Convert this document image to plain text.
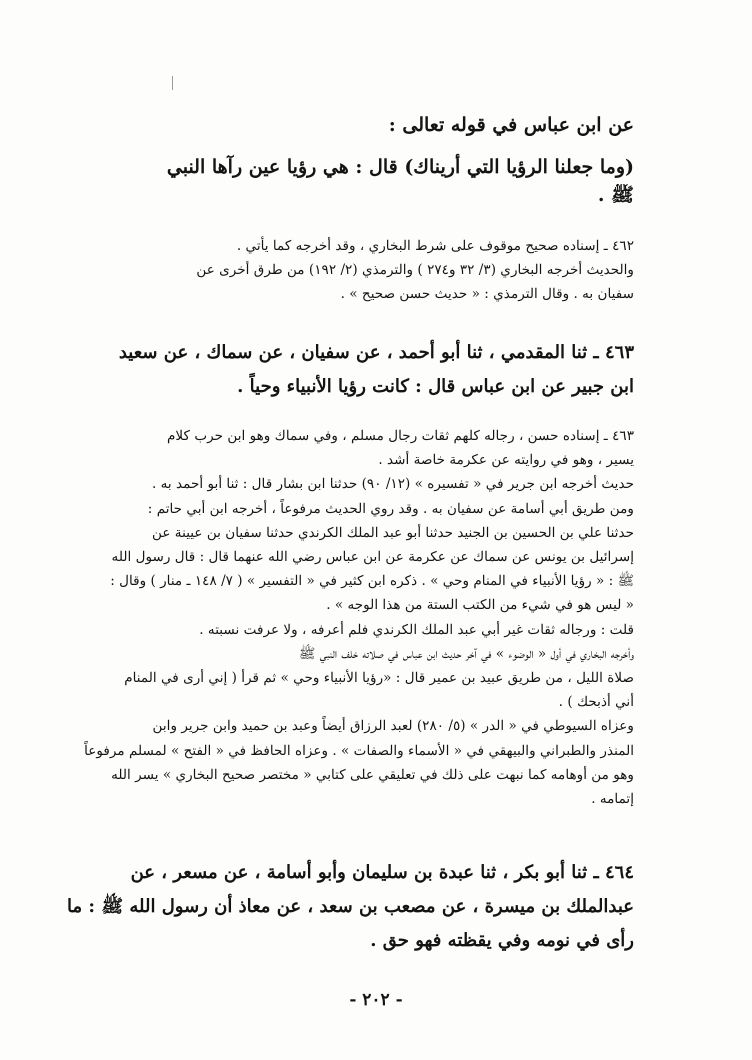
عن ابن عباس في قوله تعالى :
(وما جعلنا الرؤيا التي أريناك) قال : هي رؤيا عين رآها النبي
ﷺ .
٤٦٢ ـ إسناده صحيح موقوف على شرط البخاري ، وقد أخرجه كما يأتي .
والحديث أخرجه البخاري (٣/ ٣٢ و٢٧٤ ) والترمذي (٢/ ١٩٢) من طرق أخرى عن
سفيان به . وقال الترمذي : « حديث حسن صحيح » .
٤٦٣ ـ ثنا المقدمي ، ثنا أبو أحمد ، عن سفيان ، عن سماك ، عن سعيد
ابن جبير عن ابن عباس قال : كانت رؤيا الأنبياء وحياً .
٤٦٣ ـ إسناده حسن ، رجاله كلهم ثقات رجال مسلم ، وفي سماك وهو ابن حرب كلام
يسير ، وهو في روايته عن عكرمة خاصة أشد .
حديث أخرجه ابن جرير في « تفسيره » (١٢/ ٩٠) حدثنا ابن بشار قال : ثنا أبو أحمد به .
ومن طريق أبي أسامة عن سفيان به . وقد روي الحديث مرفوعاً ، أخرجه ابن أبي حاتم :
حدثنا علي بن الحسين بن الجنيد حدثنا أبو عبد الملك الكرندي حدثنا سفيان بن عيينة عن
إسرائيل بن يونس عن سماك عن عكرمة عن ابن عباس رضي الله عنهما قال : قال رسول الله
ﷺ : « رؤيا الأنبياء في المنام وحي » . ذكره ابن كثير في « التفسير » ( ٧/ ١٤٨ ـ منار ) وقال :
« ليس هو في شيء من الكتب الستة من هذا الوجه » .
قلت : ورجاله ثقات غير أبي عبد الملك الكرندي فلم أعرفه ، ولا عرفت نسبته .
وأخرجه البخاري في أول « الوضوء » في آخر حديث ابن عباس في صلاته خلف النبي ﷺ
صلاة الليل ، من طريق عبيد بن عمير قال : «رؤيا الأنبياء وحي » ثم قرأ ( إني أرى في المنام
أني أذبحك ) .
وعزاه السيوطي في « الدر » (٥/ ٢٨٠) لعبد الرزاق أيضاً وعبد بن حميد وابن جرير وابن
المنذر والطبراني والبيهقي في « الأسماء والصفات » . وعزاه الحافظ في « الفتح » لمسلم مرفوعاً
وهو من أوهامه كما نبهت على ذلك في تعليقي على كتابي « مختصر صحيح البخاري » يسر الله
إتمامه .
٤٦٤ ـ ثنا أبو بكر ، ثنا عبدة بن سليمان وأبو أسامة ، عن مسعر ، عن
عبدالملك بن ميسرة ، عن مصعب بن سعد ، عن معاذ أن رسول الله ﷺ : ما
رأى في نومه وفي يقظته فهو حق .
- ٢٠٢ -
